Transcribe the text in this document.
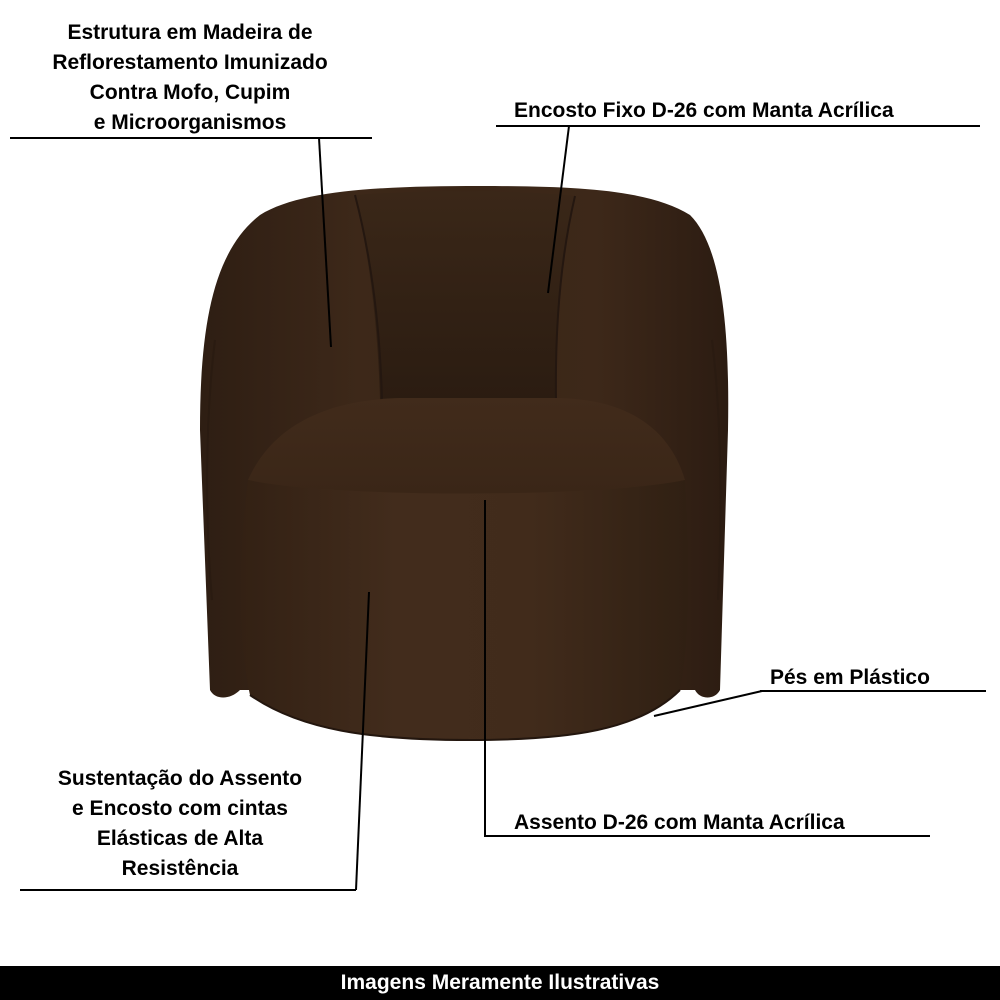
Estrutura em Madeira de
Reflorestamento Imunizado
Contra Mofo, Cupim
e Microorganismos
Encosto Fixo D-26 com Manta Acrílica
Pés em Plástico
Sustentação do Assento
e Encosto com cintas
Elásticas de Alta
Resistência
Assento D-26 com Manta Acrílica
Imagens Meramente Ilustrativas
